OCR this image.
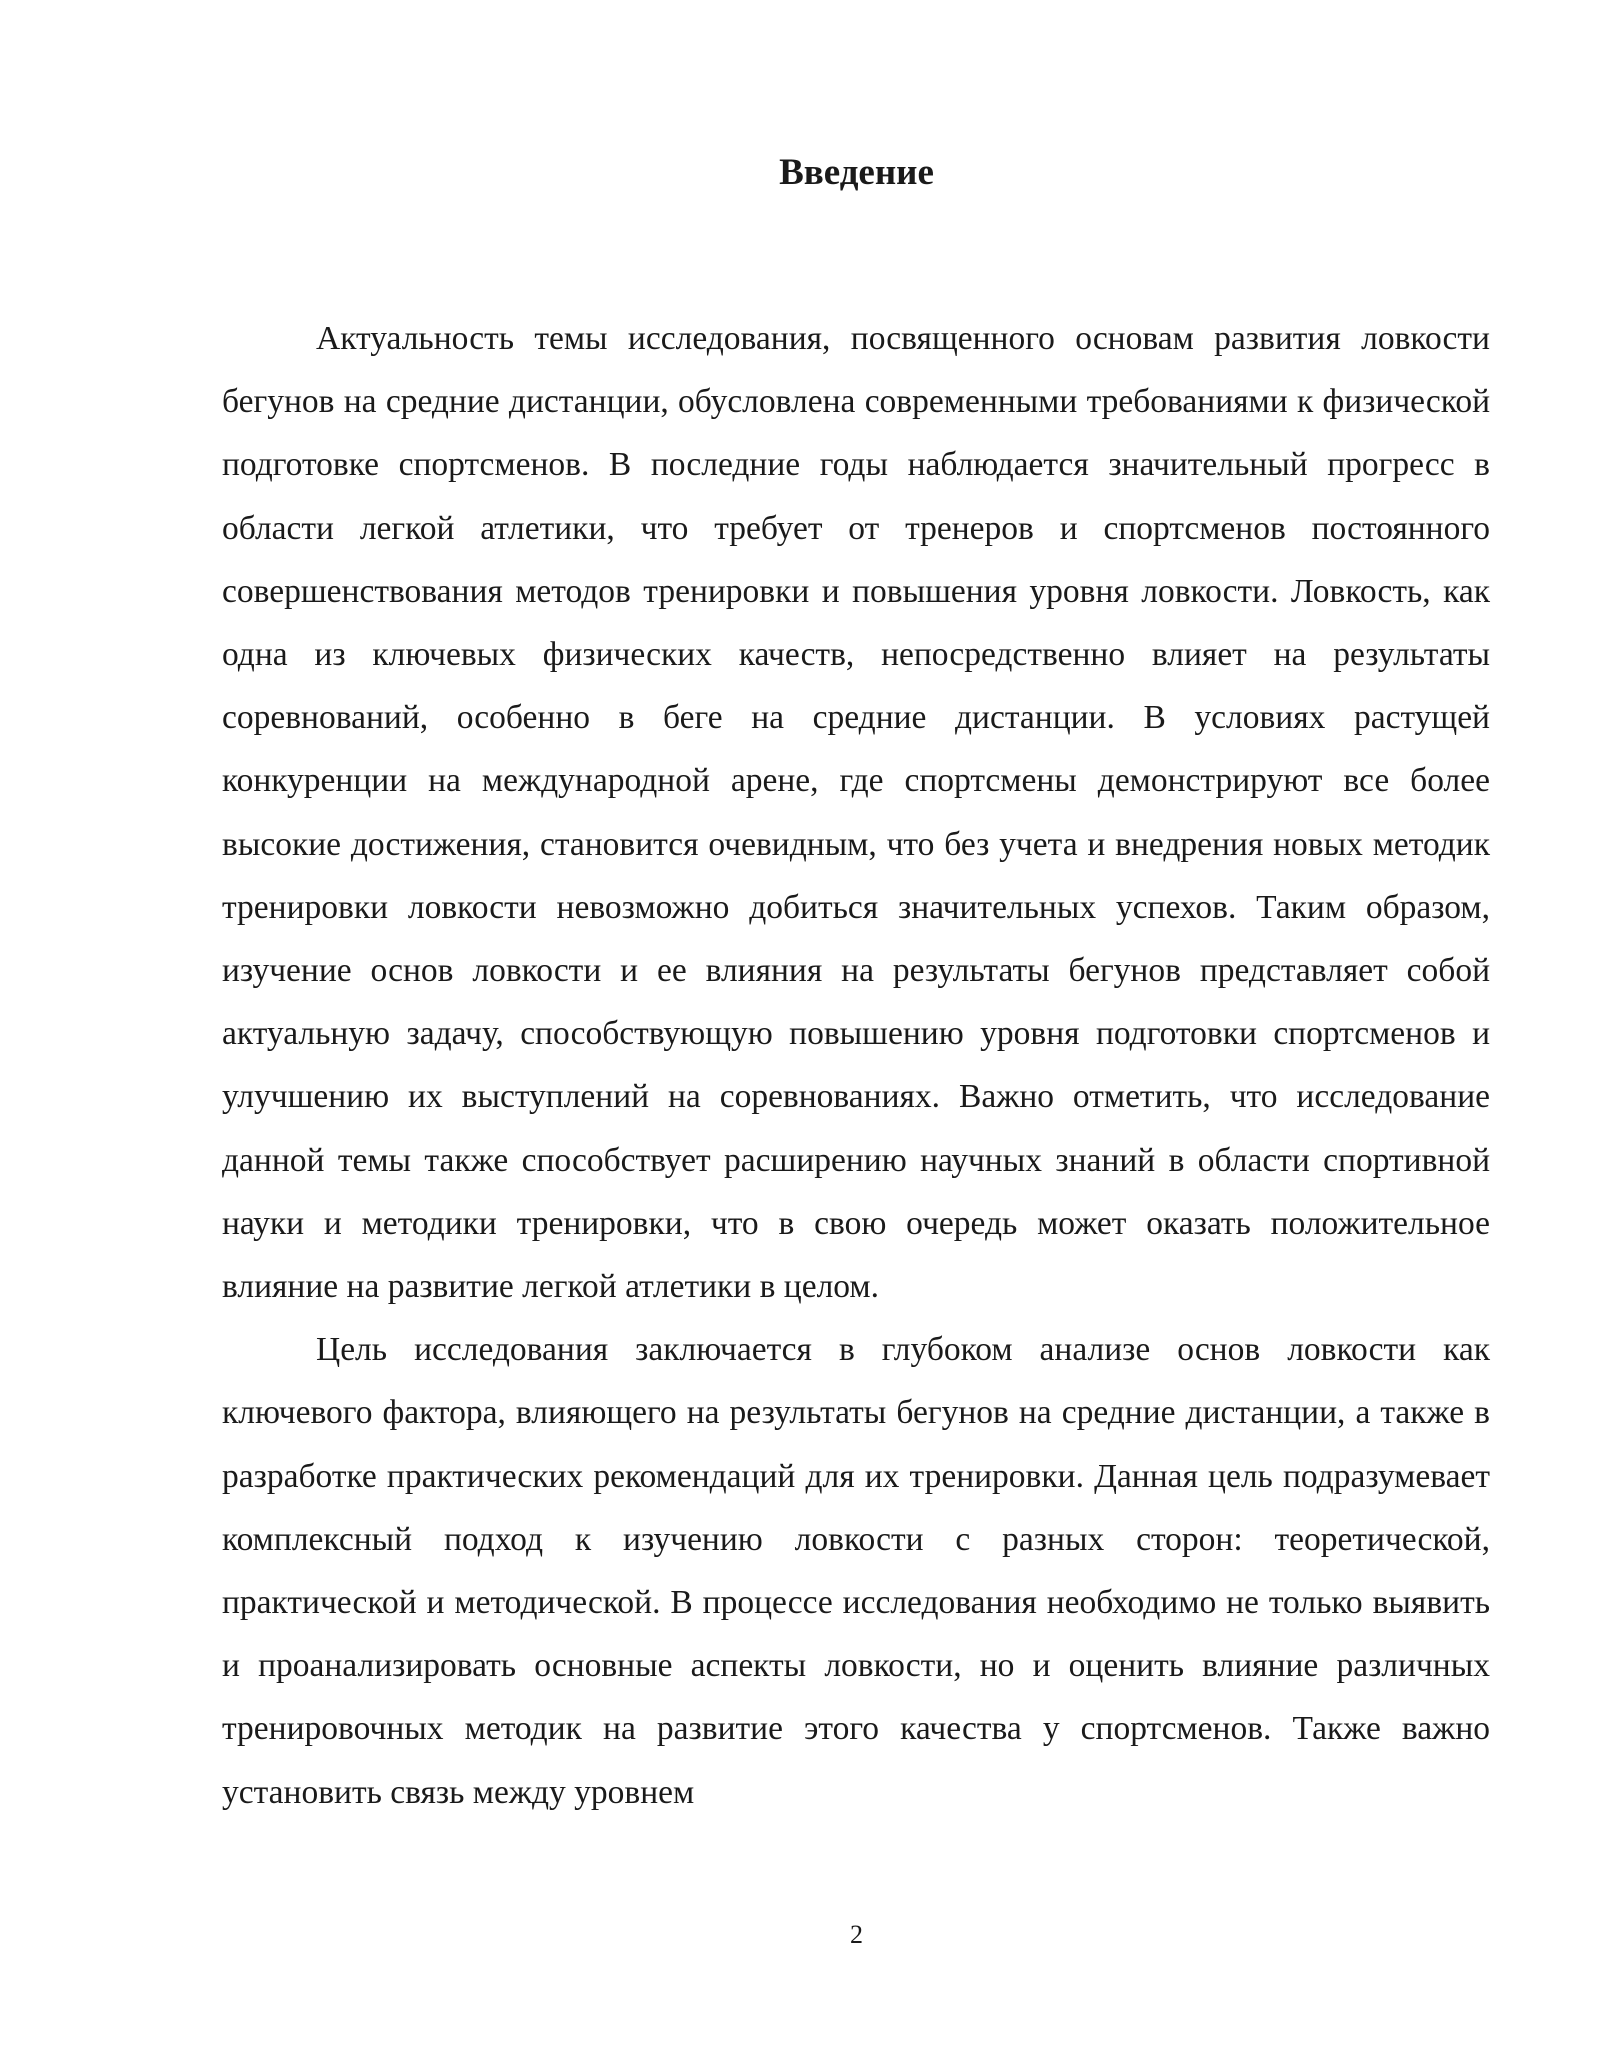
Введение

Актуальность темы исследования, посвященного основам развития ловкости бегунов на средние дистанции, обусловлена современными требованиями к физической подготовке спортсменов. В последние годы наблюдается значительный прогресс в области легкой атлетики, что требует от тренеров и спортсменов постоянного совершенствования методов тренировки и повышения уровня ловкости. Ловкость, как одна из ключевых физических качеств, непосредственно влияет на результаты соревнований, особенно в беге на средние дистанции. В условиях растущей конкуренции на международной арене, где спортсмены демонстрируют все более высокие достижения, становится очевидным, что без учета и внедрения новых методик тренировки ловкости невозможно добиться значительных успехов. Таким образом, изучение основ ловкости и ее влияния на результаты бегунов представляет собой актуальную задачу, способствующую повышению уровня подготовки спортсменов и улучшению их выступлений на соревнованиях. Важно отметить, что исследование данной темы также способствует расширению научных знаний в области спортивной науки и методики тренировки, что в свою очередь может оказать положительное влияние на развитие легкой атлетики в целом.

Цель исследования заключается в глубоком анализе основ ловкости как ключевого фактора, влияющего на результаты бегунов на средние дистанции, а также в разработке практических рекомендаций для их тренировки. Данная цель подразумевает комплексный подход к изучению ловкости с разных сторон: теоретической, практической и методической. В процессе исследования необходимо не только выявить и проанализировать основные аспекты ловкости, но и оценить влияние различных тренировочных методик на развитие этого качества у спортсменов. Также важно установить связь между уровнем

2
